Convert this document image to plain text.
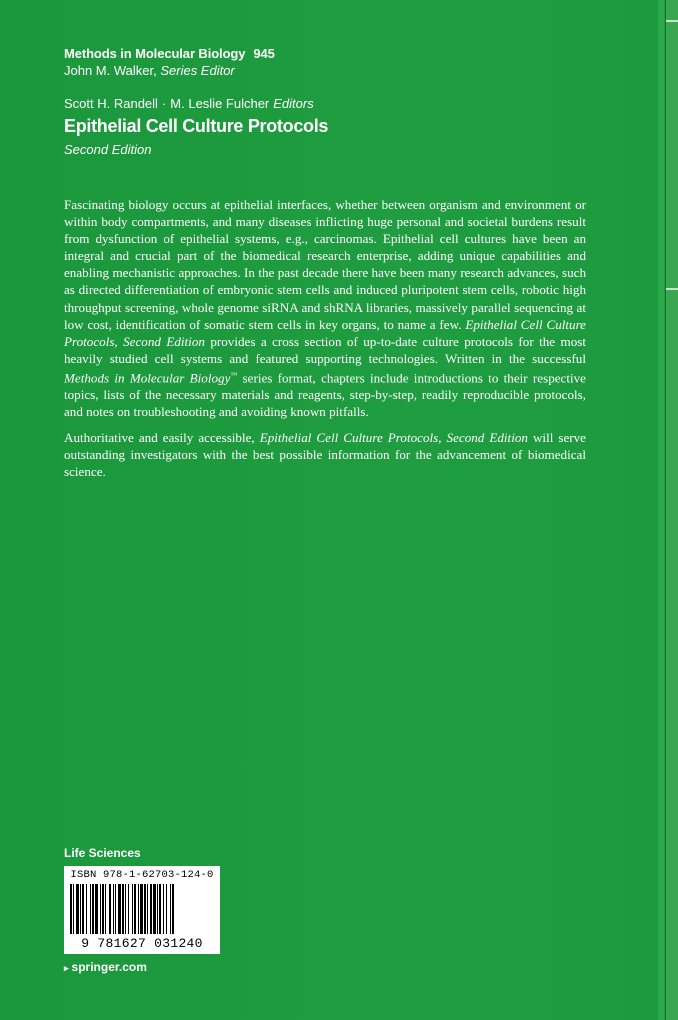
Methods in Molecular Biology 945
John M. Walker, Series Editor
Scott H. Randell · M. Leslie Fulcher Editors
Epithelial Cell Culture Protocols
Second Edition

Fascinating biology occurs at epithelial interfaces, whether between organism and environment or within body compartments, and many diseases inflicting huge personal and societal burdens result from dysfunction of epithelial systems, e.g., carcinomas. Epithelial cell cultures have been an integral and crucial part of the biomedical research enterprise, adding unique capabilities and enabling mechanistic approaches. In the past decade there have been many research advances, such as directed differentiation of embryonic stem cells and induced pluripotent stem cells, robotic high throughput screening, whole genome siRNA and shRNA libraries, massively parallel sequencing at low cost, identification of somatic stem cells in key organs, to name a few. Epithelial Cell Culture Protocols, Second Edition provides a cross section of up-to-date culture protocols for the most heavily studied cell systems and featured supporting technologies. Written in the successful Methods in Molecular Biology™ series format, chapters include introductions to their respective topics, lists of the necessary materials and reagents, step-by-step, readily reproducible protocols, and notes on troubleshooting and avoiding known pitfalls.

Authoritative and easily accessible, Epithelial Cell Culture Protocols, Second Edition will serve outstanding investigators with the best possible information for the advancement of biomedical science.

Life Sciences
ISBN 978-1-62703-124-0
9 781627 031240
▸ springer.com
